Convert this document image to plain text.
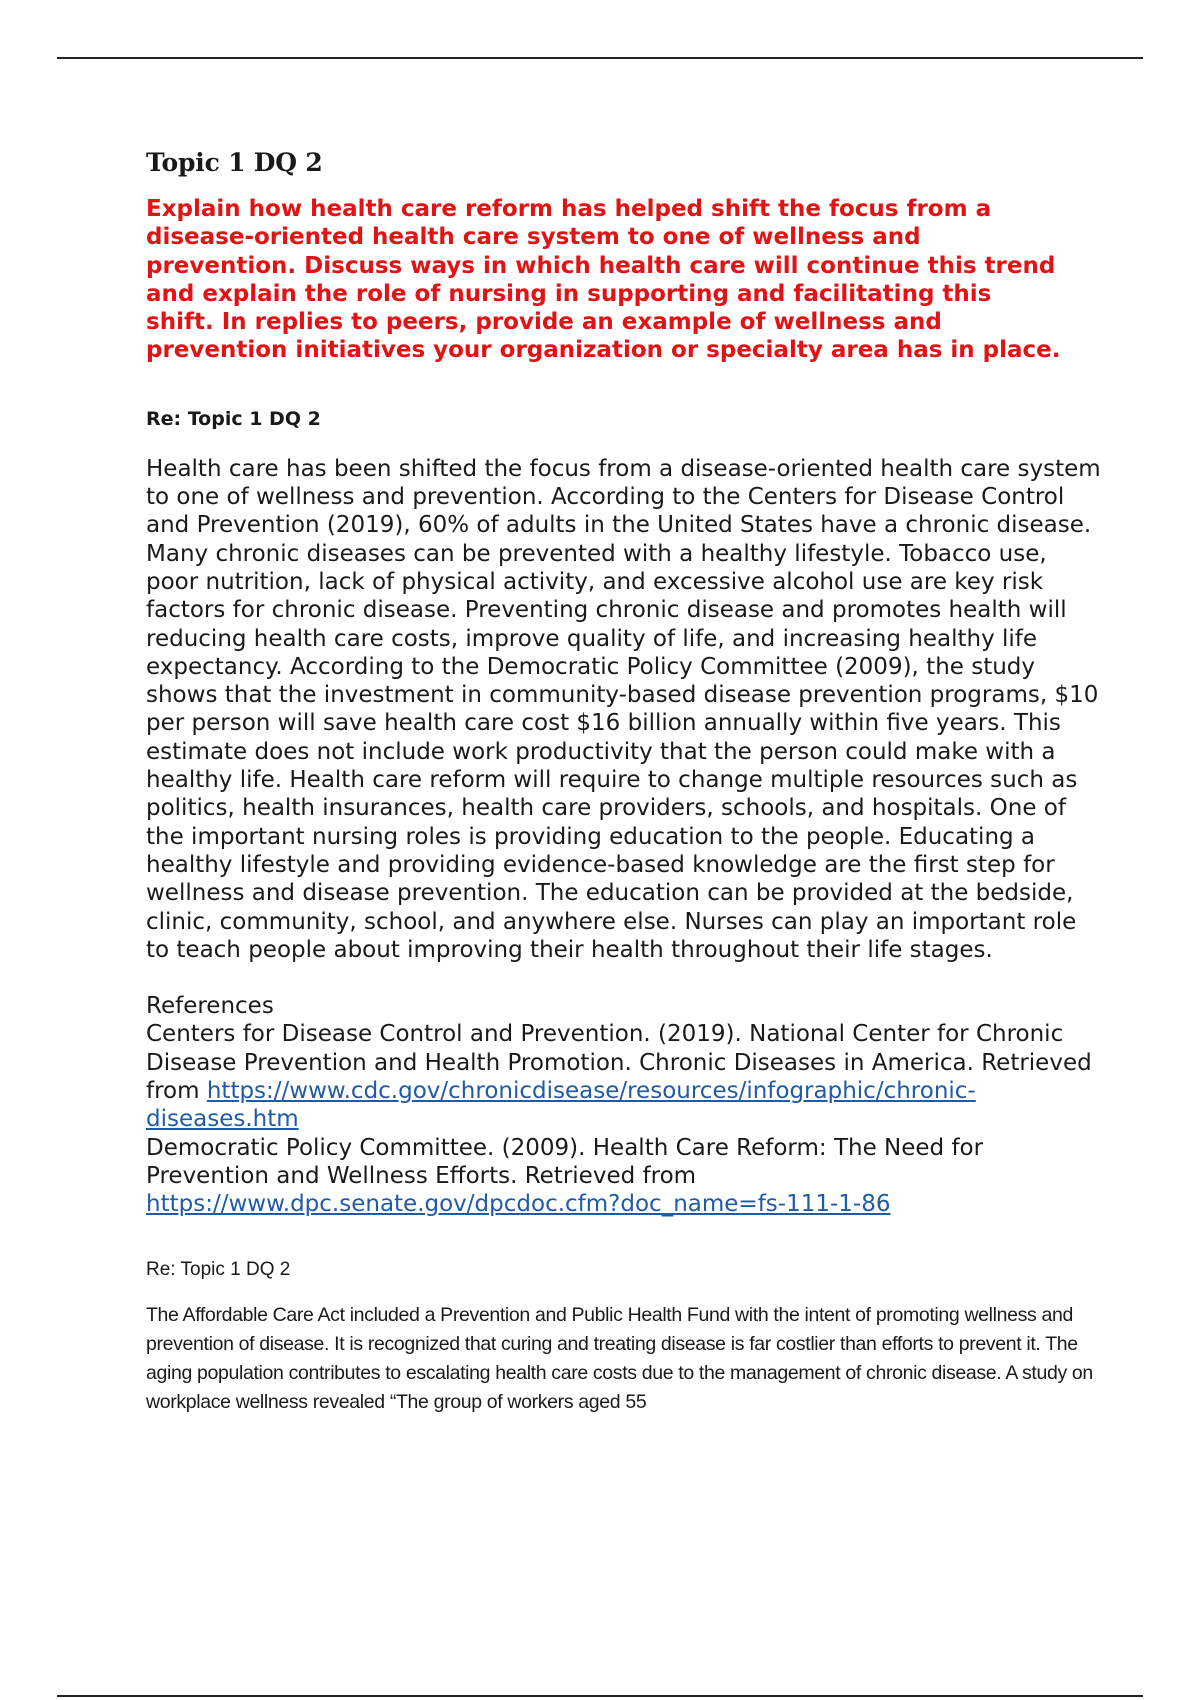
Topic 1 DQ 2
Explain how health care reform has helped shift the focus from a disease-oriented health care system to one of wellness and prevention. Discuss ways in which health care will continue this trend and explain the role of nursing in supporting and facilitating this shift. In replies to peers, provide an example of wellness and prevention initiatives your organization or specialty area has in place.
Re: Topic 1 DQ 2
Health care has been shifted the focus from a disease-oriented health care system to one of wellness and prevention. According to the Centers for Disease Control and Prevention (2019), 60% of adults in the United States have a chronic disease. Many chronic diseases can be prevented with a healthy lifestyle. Tobacco use, poor nutrition, lack of physical activity, and excessive alcohol use are key risk factors for chronic disease. Preventing chronic disease and promotes health will reducing health care costs, improve quality of life, and increasing healthy life expectancy. According to the Democratic Policy Committee (2009), the study shows that the investment in community-based disease prevention programs, $10 per person will save health care cost $16 billion annually within five years. This estimate does not include work productivity that the person could make with a healthy life. Health care reform will require to change multiple resources such as politics, health insurances, health care providers, schools, and hospitals. One of the important nursing roles is providing education to the people. Educating a healthy lifestyle and providing evidence-based knowledge are the first step for wellness and disease prevention. The education can be provided at the bedside, clinic, community, school, and anywhere else. Nurses can play an important role to teach people about improving their health throughout their life stages.
References
Centers for Disease Control and Prevention. (2019). National Center for Chronic Disease Prevention and Health Promotion. Chronic Diseases in America. Retrieved from https://www.cdc.gov/chronicdisease/resources/infographic/chronic-diseases.htm
Democratic Policy Committee. (2009). Health Care Reform: The Need for Prevention and Wellness Efforts. Retrieved from https://www.dpc.senate.gov/dpcdoc.cfm?doc_name=fs-111-1-86
Re: Topic 1 DQ 2
The Affordable Care Act included a Prevention and Public Health Fund with the intent of promoting wellness and prevention of disease. It is recognized that curing and treating disease is far costlier than efforts to prevent it. The aging population contributes to escalating health care costs due to the management of chronic disease. A study on workplace wellness revealed “The group of workers aged 55
